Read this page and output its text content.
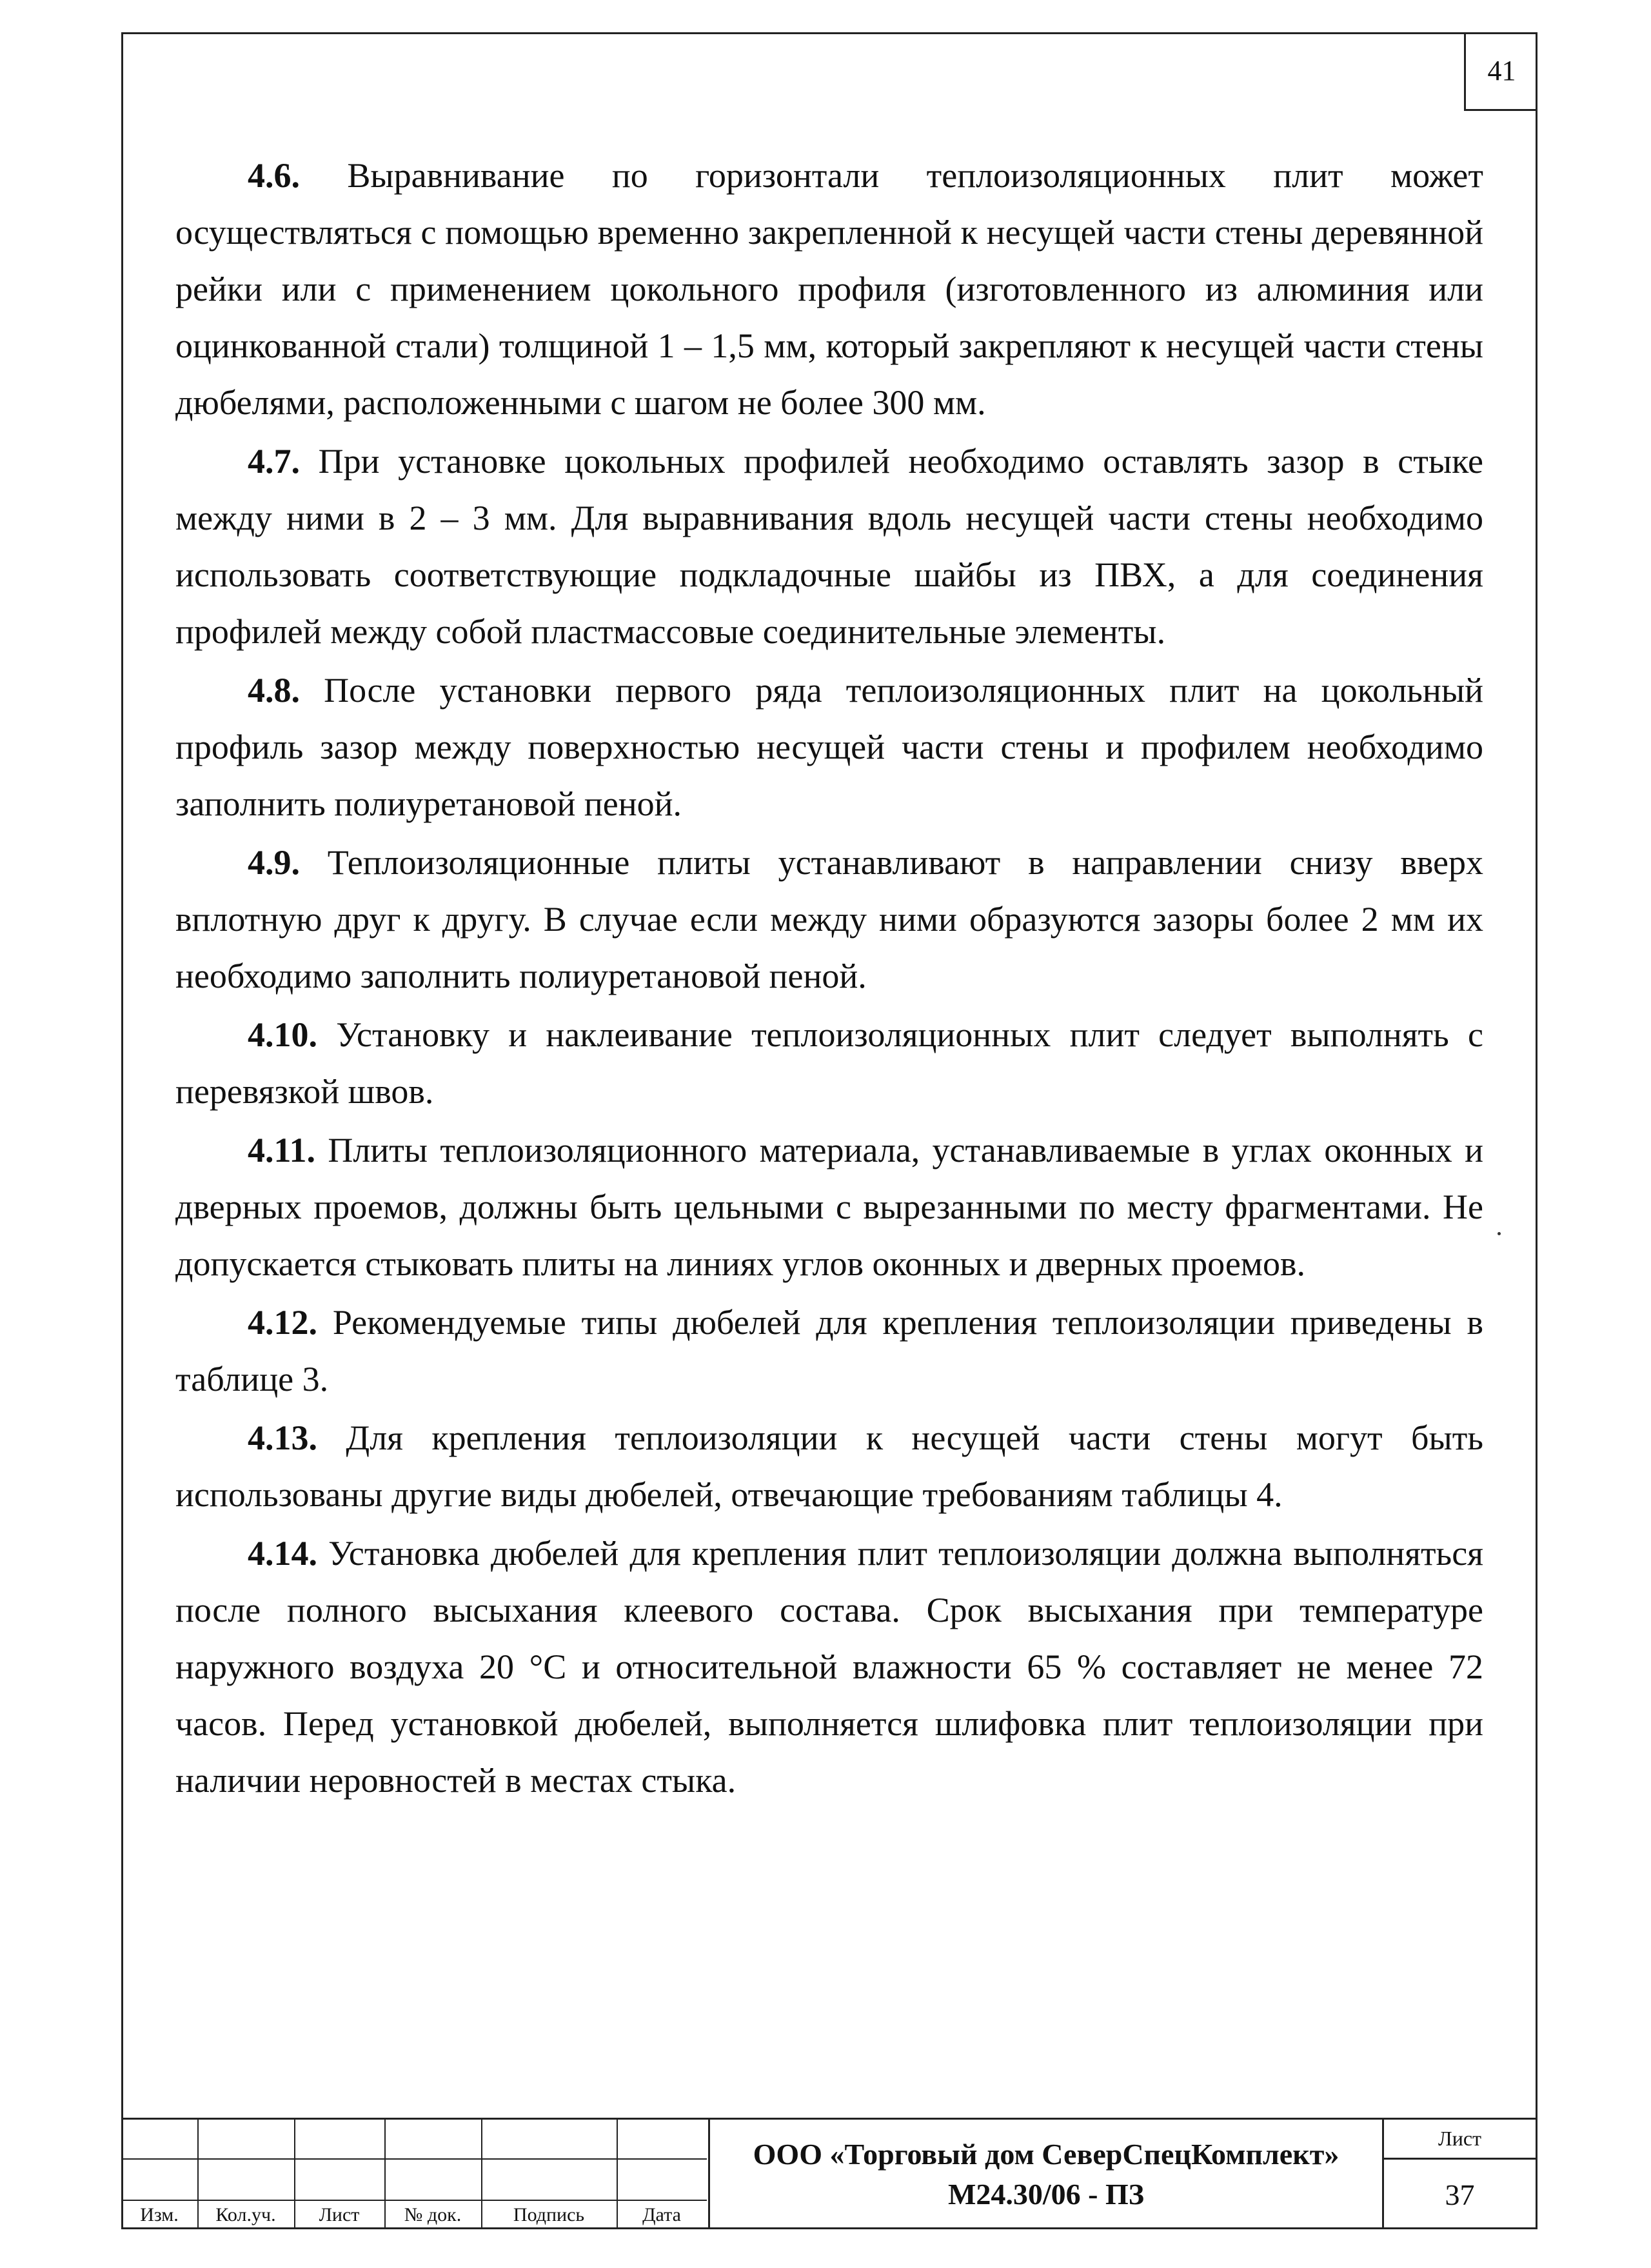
41

4.6. Выравнивание по горизонтали теплоизоляционных плит может осуществляться с помощью временно закрепленной к несущей части стены деревянной рейки или с применением цокольного профиля (изготовленного из алюминия или оцинкованной стали) толщиной 1 – 1,5 мм, который закрепляют к несущей части стены дюбелями, расположенными с шагом не более 300 мм.

4.7. При установке цокольных профилей необходимо оставлять зазор в стыке между ними в 2 – 3 мм. Для выравнивания вдоль несущей части стены необходимо использовать соответствующие подкладочные шайбы из ПВХ, а для соединения профилей между собой пластмассовые соединительные элементы.

4.8. После установки первого ряда теплоизоляционных плит на цокольный профиль зазор между поверхностью несущей части стены и профилем необходимо заполнить полиуретановой пеной.

4.9. Теплоизоляционные плиты устанавливают в направлении снизу вверх вплотную друг к другу. В случае если между ними образуются зазоры более 2 мм их необходимо заполнить полиуретановой пеной.

4.10. Установку и наклеивание теплоизоляционных плит следует выполнять с перевязкой швов.

4.11. Плиты теплоизоляционного материала, устанавливаемые в углах оконных и дверных проемов, должны быть цельными с вырезанными по месту фрагментами. Не допускается стыковать плиты на линиях углов оконных и дверных проемов.

4.12. Рекомендуемые типы дюбелей для крепления теплоизоляции приведены в таблице 3.

4.13. Для крепления теплоизоляции к несущей части стены могут быть использованы другие виды дюбелей, отвечающие требованиям таблицы 4.

4.14. Установка дюбелей для крепления плит теплоизоляции должна выполняться после полного высыхания клеевого состава. Срок высыхания при температуре наружного воздуха 20 °С и относительной влажности 65 % составляет не менее 72 часов. Перед установкой дюбелей, выполняется шлифовка плит теплоизоляции при наличии неровностей в местах стыка.

Изм.	Кол.уч.	Лист	№ док.	Подпись	Дата
ООО «Торговый дом СеверСпецКомплект»
М24.30/06 - ПЗ
Лист
37
